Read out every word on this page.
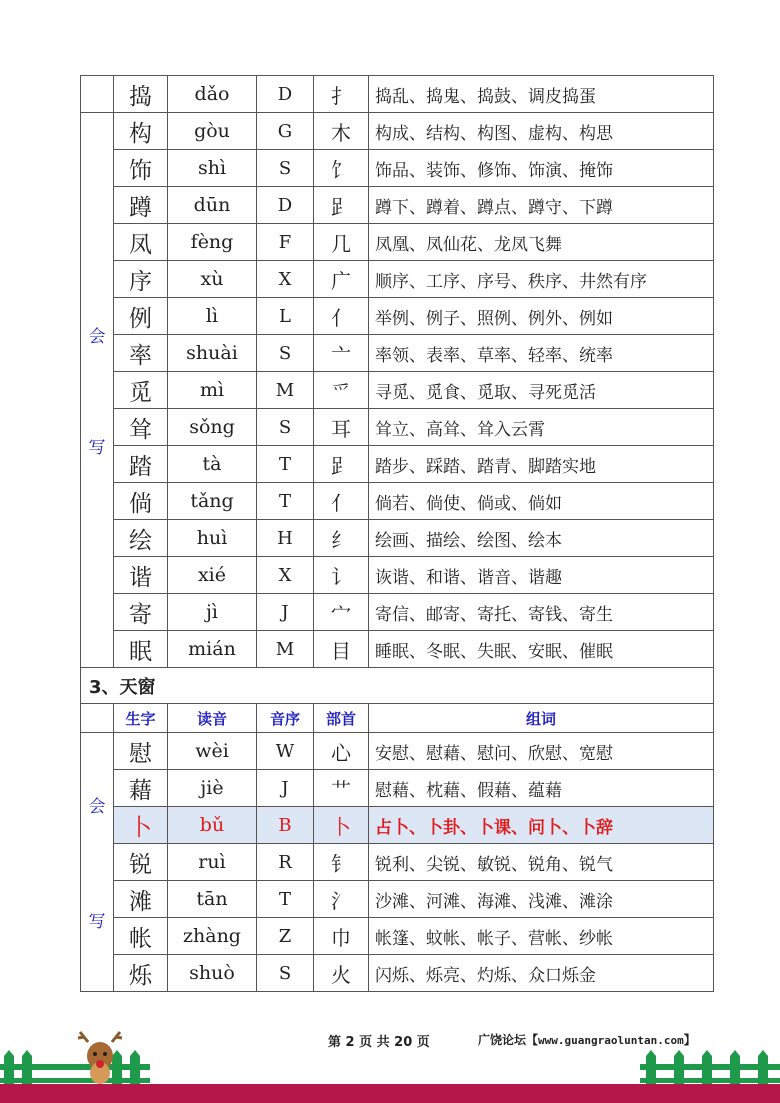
	捣	dǎo	D	扌	捣乱、捣鬼、捣鼓、调皮捣蛋

会
写	构	gòu	G	木	构成、结构、构图、虚构、构思
	饰	shì	S	饣	饰品、装饰、修饰、饰演、掩饰
	蹲	dūn	D	𧾷	蹲下、蹲着、蹲点、蹲守、下蹲
	凤	fèng	F	几	凤凰、凤仙花、龙凤飞舞
	序	xù	X	广	顺序、工序、序号、秩序、井然有序
	例	lì	L	亻	举例、例子、照例、例外、例如
	率	shuài	S	亠	率领、表率、草率、轻率、统率
	觅	mì	M	爫	寻觅、觅食、觅取、寻死觅活
	耸	sǒng	S	耳	耸立、高耸、耸入云霄
	踏	tà	T	𧾷	踏步、踩踏、踏青、脚踏实地
	倘	tǎng	T	亻	倘若、倘使、倘或、倘如
	绘	huì	H	纟	绘画、描绘、绘图、绘本
	谐	xié	X	讠	诙谐、和谐、谐音、谐趣
	寄	jì	J	宀	寄信、邮寄、寄托、寄钱、寄生
	眠	mián	M	目	睡眠、冬眠、失眠、安眠、催眠
3、天窗					
	生字	读音	音序	部首	组词

会
写	慰	wèi	W	心	安慰、慰藉、慰问、欣慰、宽慰
	藉	jiè	J	艹	慰藉、枕藉、假藉、蕴藉
	卜	bǔ	B	卜	占卜、卜卦、卜课、问卜、卜辞
	锐	ruì	R	钅	锐利、尖锐、敏锐、锐角、锐气
	滩	tān	T	氵	沙滩、河滩、海滩、浅滩、滩涂
	帐	zhàng	Z	巾	帐篷、蚊帐、帐子、营帐、纱帐
	烁	shuò	S	火	闪烁、烁亮、灼烁、众口烁金
第 2 页 共 20 页	广饶论坛【www.guangraoluntan.com】
